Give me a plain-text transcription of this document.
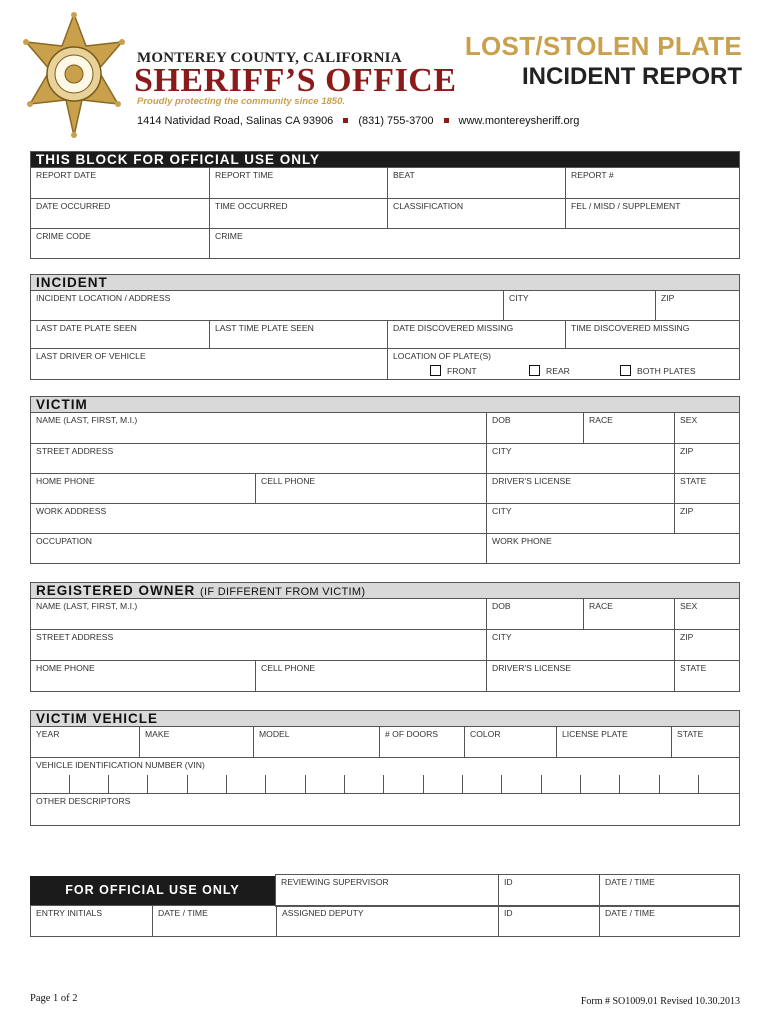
MONTEREY COUNTY, CALIFORNIA
SHERIFF’S OFFICE
Proudly protecting the community since 1850.
1414 Natividad Road, Salinas CA 93906 (831) 755-3700 www.montereysheriff.org
LOST/STOLEN PLATE
INCIDENT REPORT
THIS BLOCK FOR OFFICIAL USE ONLY
REPORT DATE	REPORT TIME	BEAT	REPORT #
DATE OCCURRED	TIME OCCURRED	CLASSIFICATION	FEL / MISD / SUPPLEMENT
CRIME CODE	CRIME
INCIDENT
INCIDENT LOCATION / ADDRESS	CITY	ZIP
LAST DATE PLATE SEEN	LAST TIME PLATE SEEN	DATE DISCOVERED MISSING	TIME DISCOVERED MISSING
LAST DRIVER OF VEHICLE	LOCATION OF PLATE(S)
FRONT	REAR	BOTH PLATES
VICTIM
NAME (LAST, FIRST, M.I.)	DOB	RACE	SEX
STREET ADDRESS	CITY	ZIP
HOME PHONE	CELL PHONE	DRIVER'S LICENSE	STATE
WORK ADDRESS	CITY	ZIP
OCCUPATION	WORK PHONE
REGISTERED OWNER (IF DIFFERENT FROM VICTIM)
NAME (LAST, FIRST, M.I.)	DOB	RACE	SEX
STREET ADDRESS	CITY	ZIP
HOME PHONE	CELL PHONE	DRIVER'S LICENSE	STATE
VICTIM VEHICLE
YEAR	MAKE	MODEL	# OF DOORS	COLOR	LICENSE PLATE	STATE
VEHICLE IDENTIFICATION NUMBER (VIN)
OTHER DESCRIPTORS
FOR OFFICIAL USE ONLY
REVIEWING SUPERVISOR	ID	DATE / TIME
ENTRY INITIALS	DATE / TIME	ASSIGNED DEPUTY	ID	DATE / TIME
Page 1 of 2	Form # SO1009.01 Revised 10.30.2013
